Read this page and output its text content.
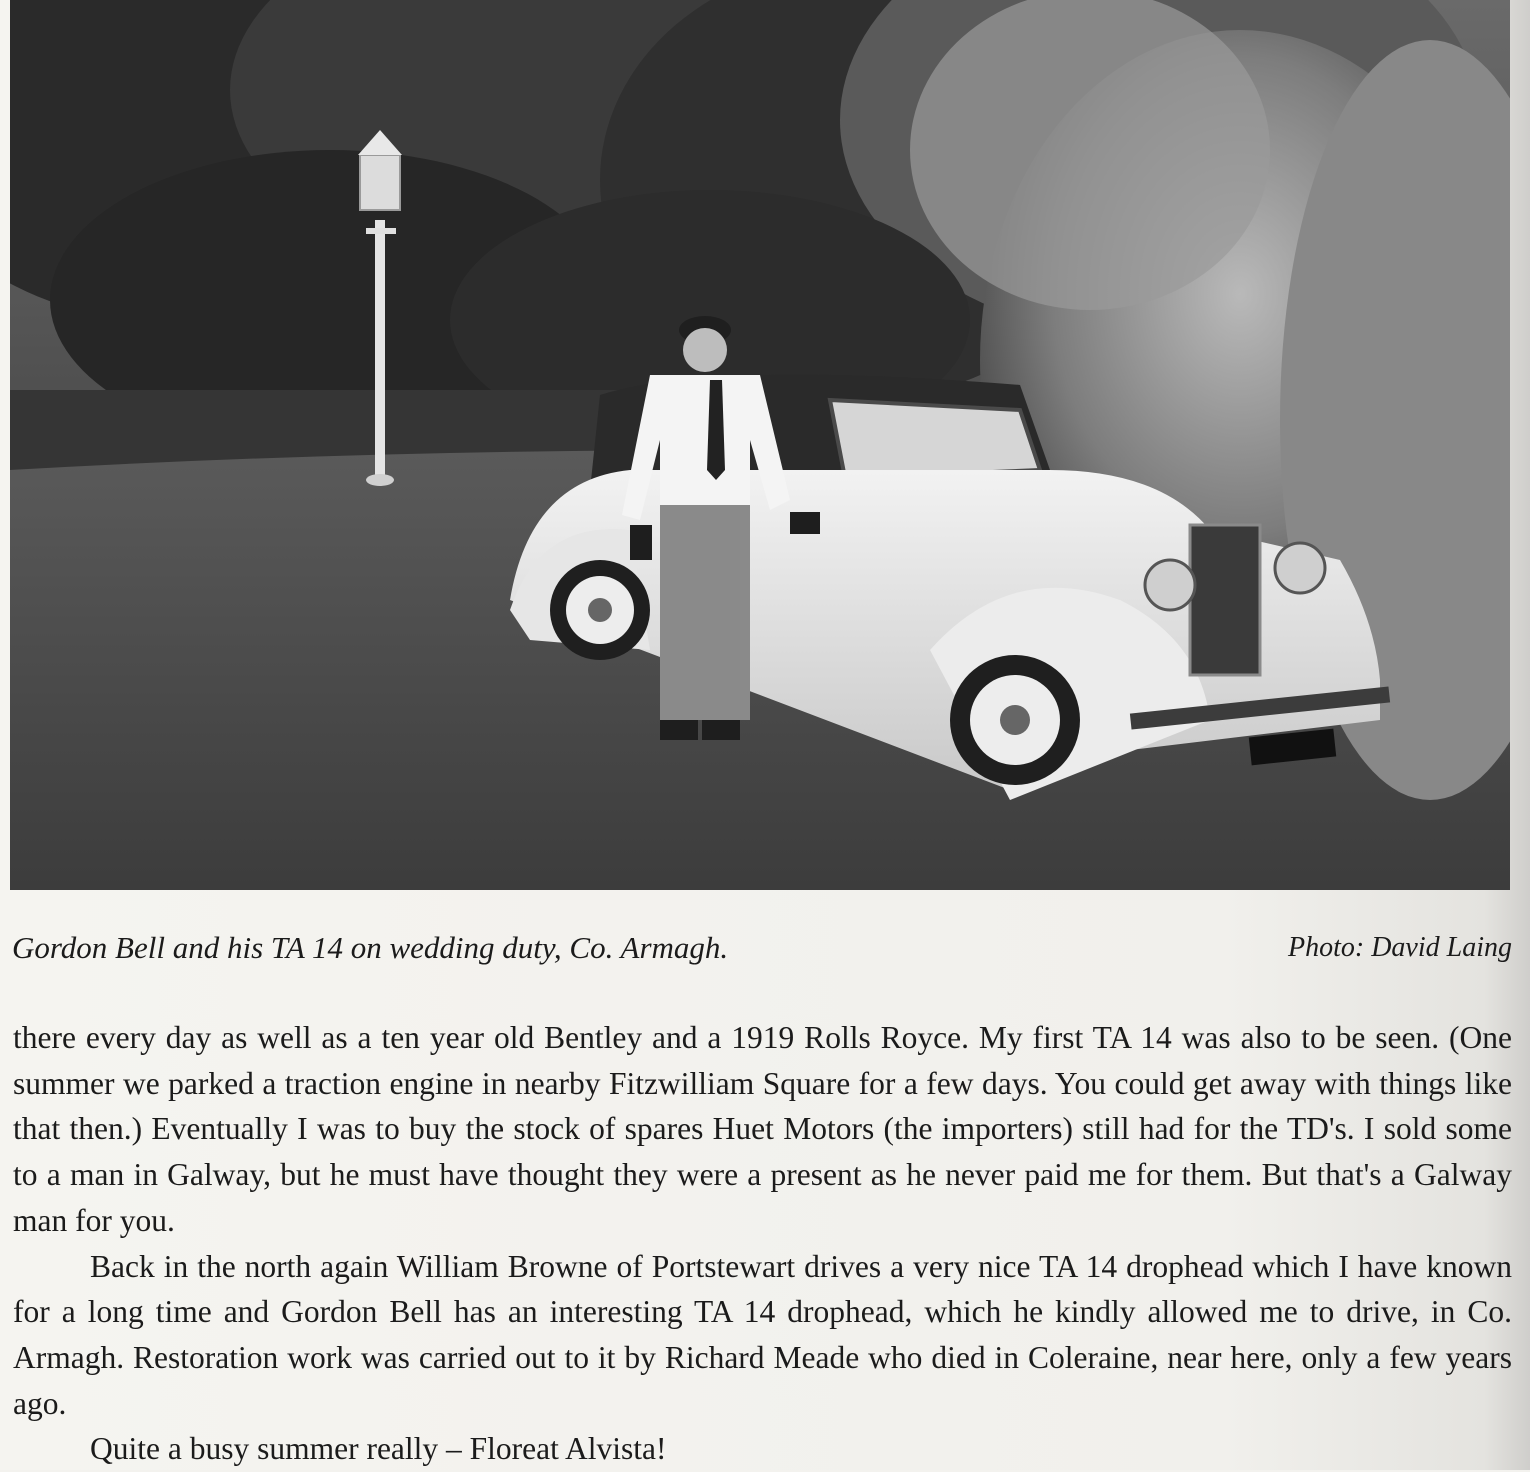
Gordon Bell and his TA 14 on wedding duty, Co. Armagh.	Photo: David Laing

there every day as well as a ten year old Bentley and a 1919 Rolls Royce. My first TA 14 was also to be seen. (One summer we parked a traction engine in nearby Fitzwilliam Square for a few days. You could get away with things like that then.) Eventually I was to buy the stock of spares Huet Motors (the importers) still had for the TD's. I sold some to a man in Galway, but he must have thought they were a present as he never paid me for them. But that's a Galway man for you.

Back in the north again William Browne of Portstewart drives a very nice TA 14 drophead which I have known for a long time and Gordon Bell has an interesting TA 14 drophead, which he kindly allowed me to drive, in Co. Armagh. Restoration work was carried out to it by Richard Meade who died in Coleraine, near here, only a few years ago.

Quite a busy summer really – Floreat Alvista!
